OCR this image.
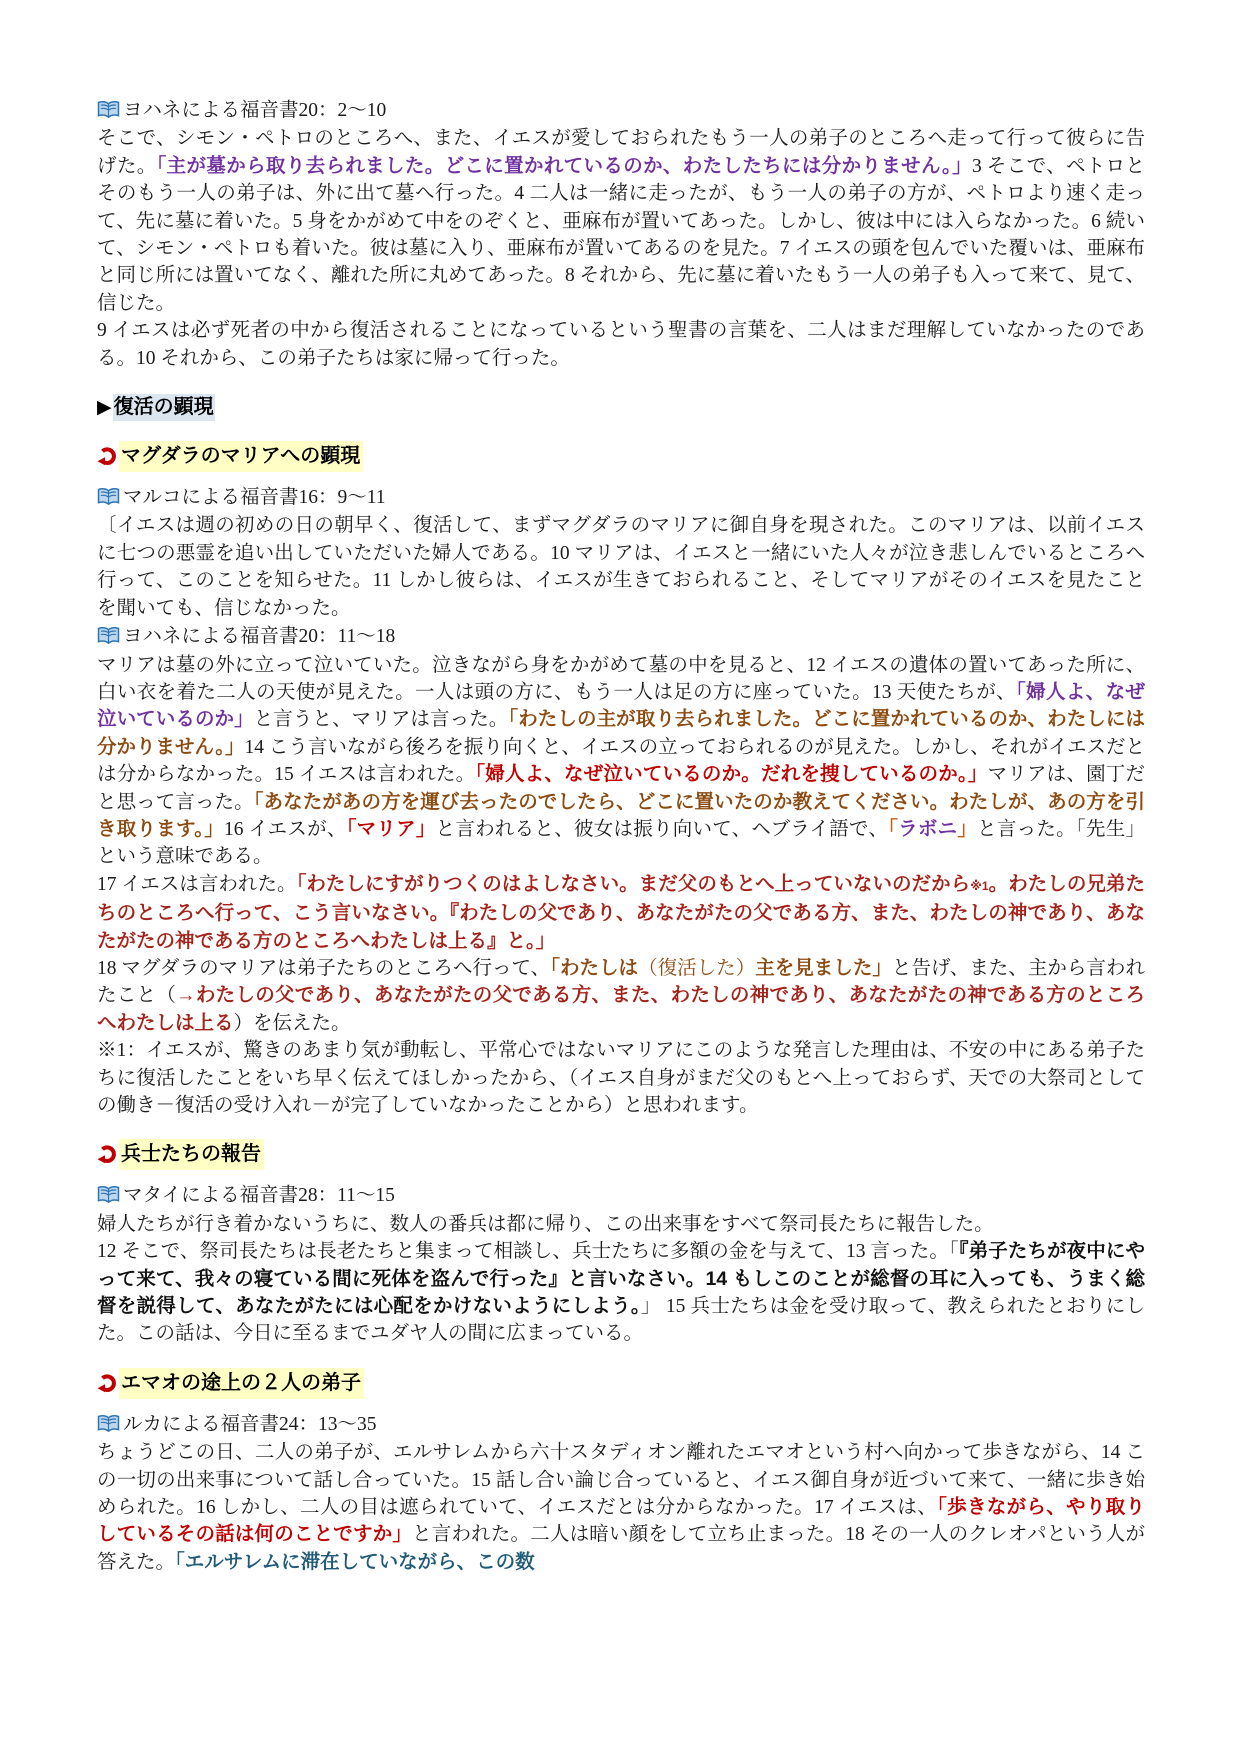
ヨハネによる福音書20：2～10
そこで、シモン・ペトロのところへ、また、イエスが愛しておられたもう一人の弟子のところへ走って行って彼らに告げた。「主が墓から取り去られました。どこに置かれているのか、わたしたちには分かりません。」3 そこで、ペトロとそのもう一人の弟子は、外に出て墓へ行った。4 二人は一緒に走ったが、もう一人の弟子の方が、ペトロより速く走って、先に墓に着いた。5 身をかがめて中をのぞくと、亜麻布が置いてあった。しかし、彼は中には入らなかった。6 続いて、シモン・ペトロも着いた。彼は墓に入り、亜麻布が置いてあるのを見た。7 イエスの頭を包んでいた覆いは、亜麻布と同じ所には置いてなく、離れた所に丸めてあった。8 それから、先に墓に着いたもう一人の弟子も入って来て、見て、信じた。
9 イエスは必ず死者の中から復活されることになっているという聖書の言葉を、二人はまだ理解していなかったのである。10 それから、この弟子たちは家に帰って行った。
▶ 復活の顕現
マグダラのマリアへの顕現
マルコによる福音書16：9～11
〔イエスは週の初めの日の朝早く、復活して、まずマグダラのマリアに御自身を現された。このマリアは、以前イエスに七つの悪霊を追い出していただいた婦人である。10 マリアは、イエスと一緒にいた人々が泣き悲しんでいるところへ行って、このことを知らせた。11 しかし彼らは、イエスが生きておられること、そしてマリアがそのイエスを見たことを聞いても、信じなかった。
ヨハネによる福音書20：11～18
マリアは墓の外に立って泣いていた。泣きながら身をかがめて墓の中を見ると、12 イエスの遺体の置いてあった所に、白い衣を着た二人の天使が見えた。一人は頭の方に、もう一人は足の方に座っていた。13 天使たちが、「婦人よ、なぜ泣いているのか」と言うと、マリアは言った。「わたしの主が取り去られました。どこに置かれているのか、わたしには分かりません。」14 こう言いながら後ろを振り向くと、イエスの立っておられるのが見えた。しかし、それがイエスだとは分からなかった。15 イエスは言われた。「婦人よ、なぜ泣いているのか。だれを捜しているのか。」マリアは、園丁だと思って言った。「あなたがあの方を運び去ったのでしたら、どこに置いたのか教えてください。わたしが、あの方を引き取ります。」16 イエスが、「マリア」と言われると、彼女は振り向いて、ヘブライ語で、「ラボニ」と言った。「先生」という意味である。
17 イエスは言われた。「わたしにすがりつくのはよしなさい。まだ父のもとへ上っていないのだから※1。わたしの兄弟たちのところへ行って、こう言いなさい。『わたしの父であり、あなたがたの父である方、また、わたしの神であり、あなたがたの神である方のところへわたしは上る』と。」
18 マグダラのマリアは弟子たちのところへ行って、「わたしは（復活した）主を見ました」と告げ、また、主から言われたこと（→わたしの父であり、あなたがたの父である方、また、わたしの神であり、あなたがたの神である方のところへわたしは上る）を伝えた。
※1：イエスが、驚きのあまり気が動転し、平常心ではないマリアにこのような発言した理由は、不安の中にある弟子たちに復活したことをいち早く伝えてほしかったから、（イエス自身がまだ父のもとへ上っておらず、天での大祭司としての働き－復活の受け入れ－が完了していなかったことから）と思われます。
兵士たちの報告
マタイによる福音書28：11～15
婦人たちが行き着かないうちに、数人の番兵は都に帰り、この出来事をすべて祭司長たちに報告した。
12 そこで、祭司長たちは長老たちと集まって相談し、兵士たちに多額の金を与えて、13 言った。「『弟子たちが夜中にやって来て、我々の寝ている間に死体を盗んで行った』と言いなさい。14 もしこのことが総督の耳に入っても、うまく総督を説得して、あなたがたには心配をかけないようにしよう。」 15 兵士たちは金を受け取って、教えられたとおりにした。この話は、今日に至るまでユダヤ人の間に広まっている。
エマオの途上の２人の弟子
ルカによる福音書24：13～35
ちょうどこの日、二人の弟子が、エルサレムから六十スタディオン離れたエマオという村へ向かって歩きながら、14 この一切の出来事について話し合っていた。15 話し合い論じ合っていると、イエス御自身が近づいて来て、一緒に歩き始められた。16 しかし、二人の目は遮られていて、イエスだとは分からなかった。17 イエスは、「歩きながら、やり取りしているその話は何のことですか」と言われた。二人は暗い顔をして立ち止まった。18 その一人のクレオパという人が答えた。「エルサレムに滞在していながら、この数
